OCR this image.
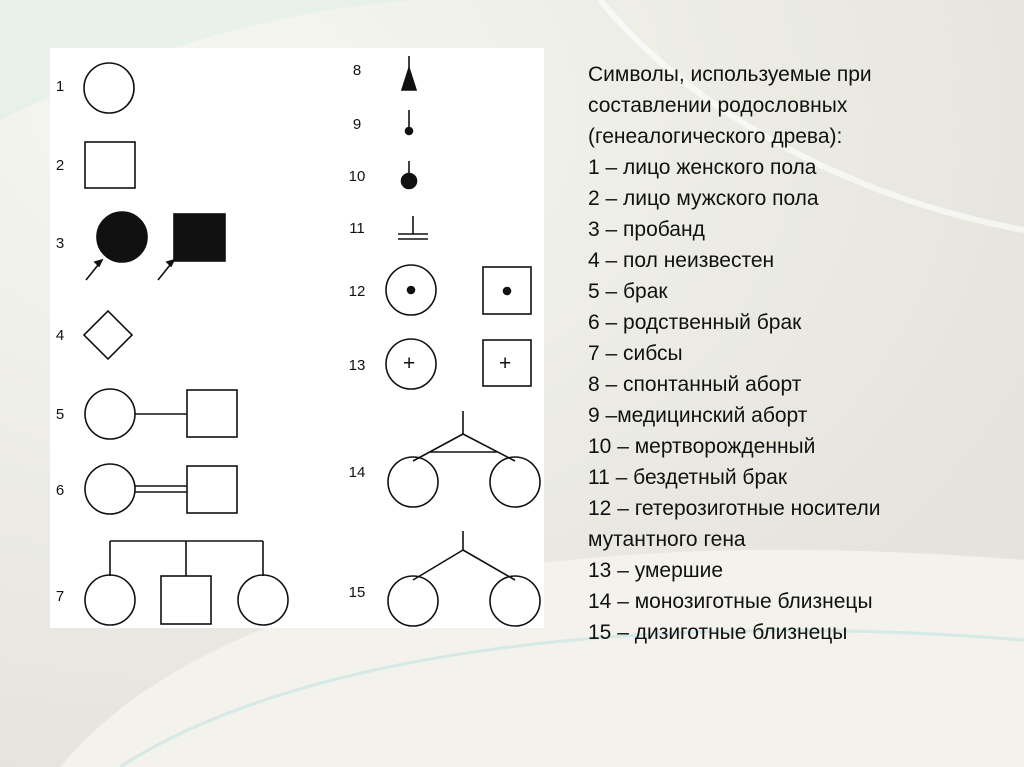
+	+
1
2
3
4
5
6
7
8
9
10
11
12
13
14
15
Символы, используемые при
составлении родословных
(генеалогического древа):
1 – лицо женского пола
2 – лицо мужского пола
3 – пробанд
4 – пол неизвестен
5 – брак
6 – родственный брак
7 – сибсы
8 – спонтанный аборт
9 –медицинский аборт
10 – мертворожденный
11 – бездетный брак
12 – гетерозиготные носители
мутантного гена
13 – умершие
14 – монозиготные близнецы
15 – дизиготные близнецы
